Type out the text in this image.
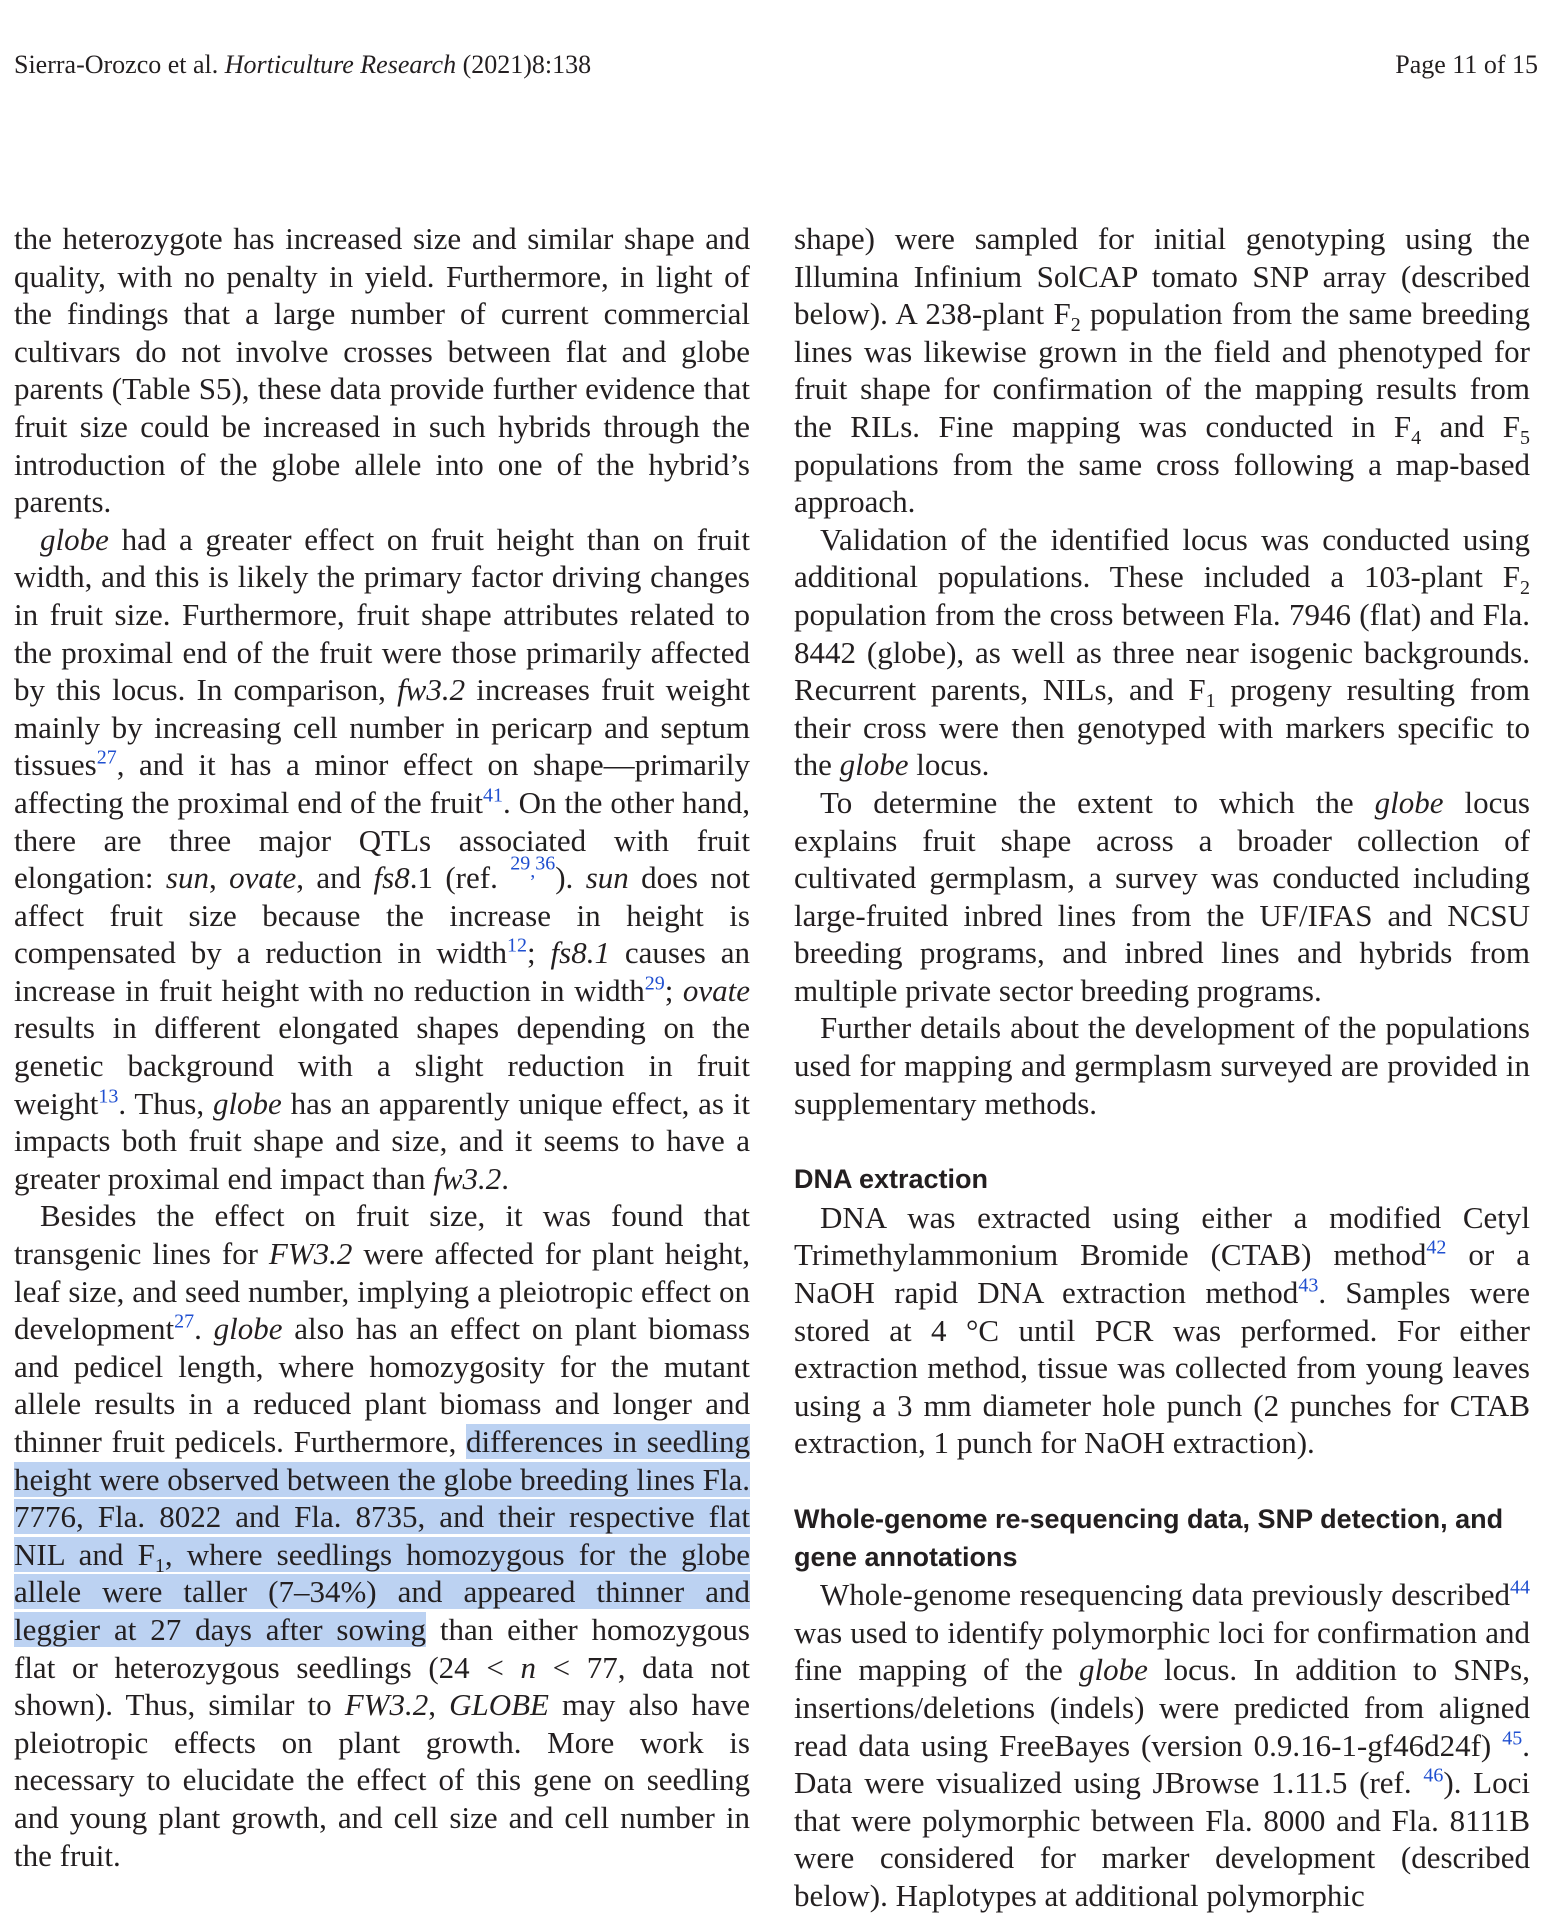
Sierra-Orozco et al. Horticulture Research (2021)8:138	Page 11 of 15

the heterozygote has increased size and similar shape and quality, with no penalty in yield. Furthermore, in light of the findings that a large number of current commercial cultivars do not involve crosses between flat and globe parents (Table S5), these data provide further evidence that fruit size could be increased in such hybrids through the introduction of the globe allele into one of the hybrid’s parents.

globe had a greater effect on fruit height than on fruit width, and this is likely the primary factor driving changes in fruit size. Furthermore, fruit shape attributes related to the proximal end of the fruit were those primarily affected by this locus. In comparison, fw3.2 increases fruit weight mainly by increasing cell number in pericarp and septum tissues$^{27}$, and it has a minor effect on shape—primarily affecting the proximal end of the fruit$^{41}$. On the other hand, there are three major QTLs associated with fruit elongation: sun, ovate, and fs8.1 (ref. $^{29,36}$). sun does not affect fruit size because the increase in height is compensated by a reduction in width$^{12}$; fs8.1 causes an increase in fruit height with no reduction in width$^{29}$; ovate results in different elongated shapes depending on the genetic background with a slight reduction in fruit weight$^{13}$. Thus, globe has an apparently unique effect, as it impacts both fruit shape and size, and it seems to have a greater proximal end impact than fw3.2.

Besides the effect on fruit size, it was found that transgenic lines for FW3.2 were affected for plant height, leaf size, and seed number, implying a pleiotropic effect on development$^{27}$. globe also has an effect on plant biomass and pedicel length, where homozygosity for the mutant allele results in a reduced plant biomass and longer and thinner fruit pedicels. Furthermore, differences in seedling height were observed between the globe breeding lines Fla. 7776, Fla. 8022 and Fla. 8735, and their respective flat NIL and $F_1$, where seedlings homozygous for the globe allele were taller (7–34%) and appeared thinner and leggier at 27 days after sowing than either homozygous flat or heterozygous seedlings (24 < n < 77, data not shown). Thus, similar to FW3.2, GLOBE may also have pleiotropic effects on plant growth. More work is necessary to elucidate the effect of this gene on seedling and young plant growth, and cell size and cell number in the fruit.

shape) were sampled for initial genotyping using the Illumina Infinium SolCAP tomato SNP array (described below). A 238-plant $F_2$ population from the same breeding lines was likewise grown in the field and phenotyped for fruit shape for confirmation of the mapping results from the RILs. Fine mapping was conducted in $F_4$ and $F_5$ populations from the same cross following a map-based approach.

Validation of the identified locus was conducted using additional populations. These included a 103-plant $F_2$ population from the cross between Fla. 7946 (flat) and Fla. 8442 (globe), as well as three near isogenic backgrounds. Recurrent parents, NILs, and $F_1$ progeny resulting from their cross were then genotyped with markers specific to the globe locus.

To determine the extent to which the globe locus explains fruit shape across a broader collection of cultivated germplasm, a survey was conducted including large-fruited inbred lines from the UF/IFAS and NCSU breeding programs, and inbred lines and hybrids from multiple private sector breeding programs.

Further details about the development of the populations used for mapping and germplasm surveyed are provided in supplementary methods.

DNA extraction

DNA was extracted using either a modified Cetyl Trimethylammonium Bromide (CTAB) method$^{42}$ or a NaOH rapid DNA extraction method$^{43}$. Samples were stored at 4 °C until PCR was performed. For either extraction method, tissue was collected from young leaves using a 3 mm diameter hole punch (2 punches for CTAB extraction, 1 punch for NaOH extraction).

Whole-genome re-sequencing data, SNP detection, and gene annotations

Whole-genome resequencing data previously described$^{44}$ was used to identify polymorphic loci for confirmation and fine mapping of the globe locus. In addition to SNPs, insertions/deletions (indels) were predicted from aligned read data using FreeBayes (version 0.9.16-1-gf46d24f) $^{45}$. Data were visualized using JBrowse 1.11.5 (ref. $^{46}$). Loci that were polymorphic between Fla. 8000 and Fla. 8111B were considered for marker development (described below). Haplotypes at additional polymorphic
